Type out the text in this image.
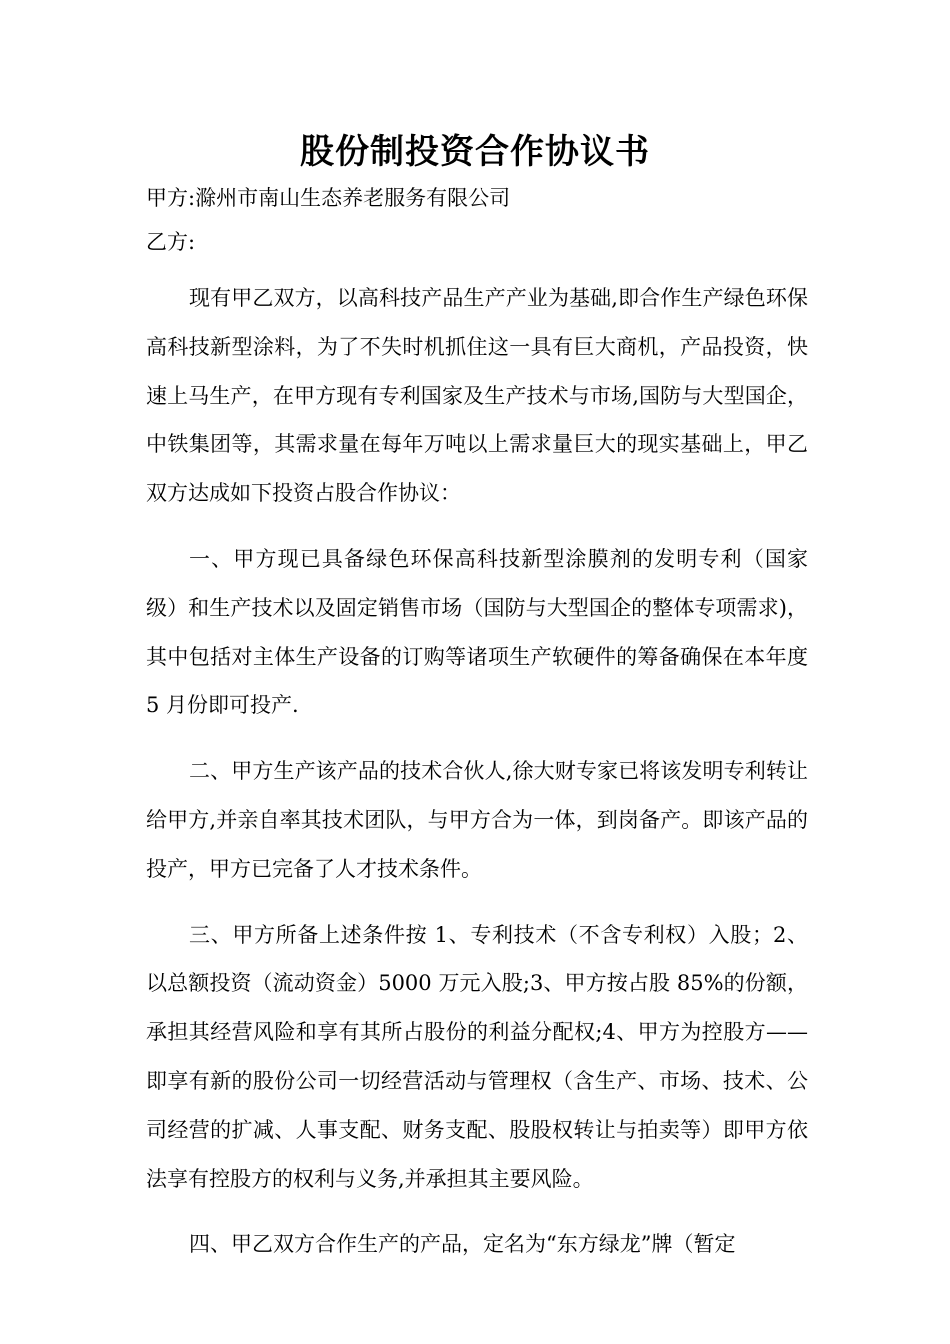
股份制投资合作协议书
甲方:滁州市南山生态养老服务有限公司
乙方:

现有甲乙双方，以高科技产品生产产业为基础,即合作生产绿色环保高科技新型涂料，为了不失时机抓住这一具有巨大商机，产品投资，快速上马生产，在甲方现有专利国家及生产技术与市场,国防与大型国企，中铁集团等，其需求量在每年万吨以上需求量巨大的现实基础上，甲乙双方达成如下投资占股合作协议：

一、甲方现已具备绿色环保高科技新型涂膜剂的发明专利（国家级）和生产技术以及固定销售市场（国防与大型国企的整体专项需求)，其中包括对主体生产设备的订购等诸项生产软硬件的筹备确保在本年度 5 月份即可投产.

二、甲方生产该产品的技术合伙人,徐大财专家已将该发明专利转让给甲方,并亲自率其技术团队，与甲方合为一体，到岗备产。即该产品的投产，甲方已完备了人才技术条件。

三、甲方所备上述条件按 1、专利技术（不含专利权）入股；2、以总额投资（流动资金）5000 万元入股;3、甲方按占股 85%的份额，承担其经营风险和享有其所占股份的利益分配权;4、甲方为控股方——即享有新的股份公司一切经营活动与管理权（含生产、市场、技术、公司经营的扩减、人事支配、财务支配、股股权转让与拍卖等）即甲方依法享有控股方的权利与义务,并承担其主要风险。

四、甲乙双方合作生产的产品，定名为“东方绿龙”牌（暂定
